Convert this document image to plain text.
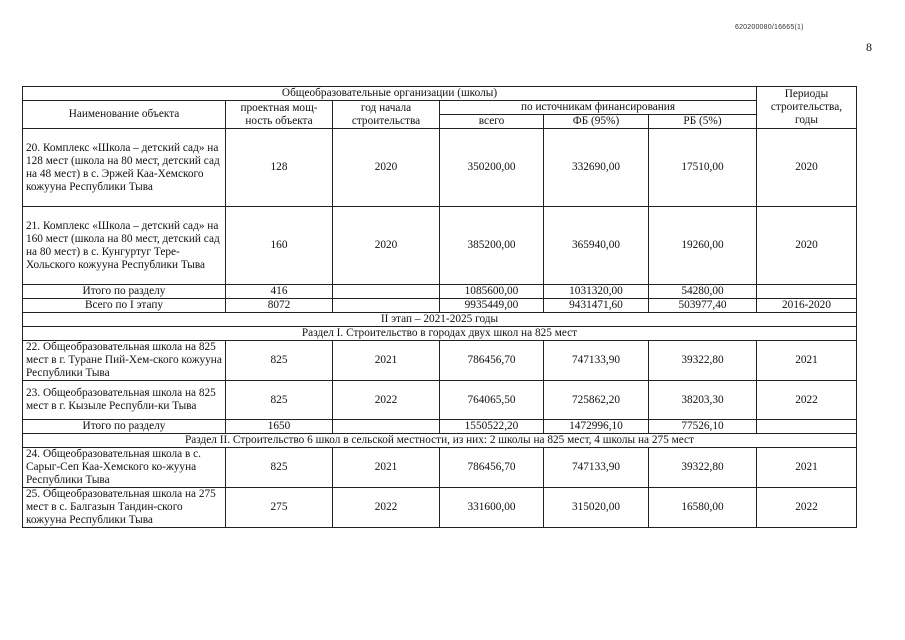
620200080/16665(1)
8
Общеобразовательные организации (школы)						Периоды строительства, годы
Наименование объекта	проектная мощ-ность объекта	год начала строительства	по источникам финансирования			
			всего	ФБ (95%)	РБ (5%)	
20. Комплекс «Школа – детский сад» на 128 мест (школа на 80 мест, детский сад на 48 мест) в с. Эржей Каа-Хемского кожууна Республики Тыва	128	2020	350200,00	332690,00	17510,00	2020
21. Комплекс «Школа – детский сад» на 160 мест (школа на 80 мест, детский сад на 80 мест) в с. Кунгуртуг Тере-Хольского кожууна Республики Тыва	160	2020	385200,00	365940,00	19260,00	2020
Итого по разделу	416		1085600,00	1031320,00	54280,00	
Всего по I этапу	8072		9935449,00	9431471,60	503977,40	2016-2020
II этап – 2021-2025 годы						
Раздел I. Строительство в городах двух школ на 825 мест						
22. Общеобразовательная школа на 825 мест в г. Туране Пий-Хем-ского кожууна Республики Тыва	825	2021	786456,70	747133,90	39322,80	2021
23. Общеобразовательная школа на 825 мест в г. Кызыле Республи-ки Тыва	825	2022	764065,50	725862,20	38203,30	2022
Итого по разделу	1650		1550522,20	1472996,10	77526,10	
Раздел II. Строительство 6 школ в сельской местности, из них: 2 школы на 825 мест, 4 школы на 275 мест						
24. Общеобразовательная школа в с. Сарыг-Сеп Каа-Хемского ко-жууна Республики Тыва	825	2021	786456,70	747133,90	39322,80	2021
25. Общеобразовательная школа на 275 мест в с. Балгазын Тандин-ского кожууна Республики Тыва	275	2022	331600,00	315020,00	16580,00	2022
